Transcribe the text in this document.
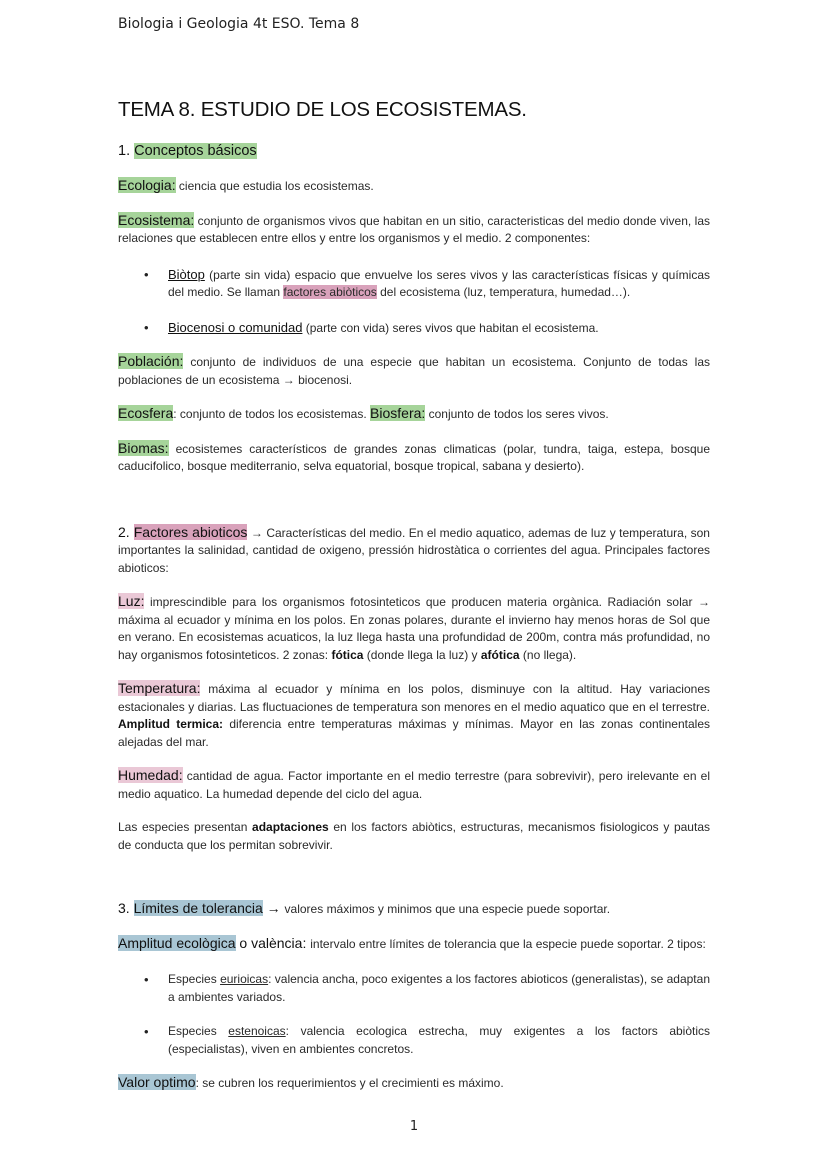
Biologia i Geologia 4t ESO. Tema 8
TEMA 8. ESTUDIO DE LOS ECOSISTEMAS.
1. Conceptos básicos

Ecologia: ciencia que estudia los ecosistemas.

Ecosistema: conjunto de organismos vivos que habitan en un sitio, caracteristicas del medio donde viven, las relaciones que establecen entre ellos y entre los organismos y el medio. 2 componentes:

• Biòtop (parte sin vida) espacio que envuelve los seres vivos y las características físicas y químicas del medio. Se llaman factores abiòticos del ecosistema (luz, temperatura, humedad…).
• Biocenosi o comunidad (parte con vida) seres vivos que habitan el ecosistema.

Población: conjunto de individuos de una especie que habitan un ecosistema. Conjunto de todas las poblaciones de un ecosistema → biocenosi.

Ecosfera: conjunto de todos los ecosistemas. Biosfera: conjunto de todos los seres vivos.

Biomas: ecosistemes característicos de grandes zonas climaticas (polar, tundra, taiga, estepa, bosque caducifolico, bosque mediterranio, selva equatorial, bosque tropical, sabana y desierto).

2. Factores abioticos → Características del medio. En el medio aquatico, ademas de luz y temperatura, son importantes la salinidad, cantidad de oxigeno, pressión hidrostàtica o corrientes del agua. Principales factores abioticos:

Luz: imprescindible para los organismos fotosinteticos que producen materia orgànica. Radiación solar → máxima al ecuador y mínima en los polos. En zonas polares, durante el invierno hay menos horas de Sol que en verano. En ecosistemas acuaticos, la luz llega hasta una profundidad de 200m, contra más profundidad, no hay organismos fotosinteticos. 2 zonas: fótica (donde llega la luz) y afótica (no llega).

Temperatura: máxima al ecuador y mínima en los polos, disminuye con la altitud. Hay variaciones estacionales y diarias. Las fluctuaciones de temperatura son menores en el medio aquatico que en el terrestre. Amplitud termica: diferencia entre temperaturas máximas y mínimas. Mayor en las zonas continentales alejadas del mar.

Humedad: cantidad de agua. Factor importante en el medio terrestre (para sobrevivir), pero irelevante en el medio aquatico. La humedad depende del ciclo del agua.

Las especies presentan adaptaciones en los factors abiòtics, estructuras, mecanismos fisiologicos y pautas de conducta que los permitan sobrevivir.

3. Límites de tolerancia → valores máximos y minimos que una especie puede soportar.

Amplitud ecològica o valència: intervalo entre límites de tolerancia que la especie puede soportar. 2 tipos:

• Especies eurioicas: valencia ancha, poco exigentes a los factores abioticos (generalistas), se adaptan a ambientes variados.
• Especies estenoicas: valencia ecologica estrecha, muy exigentes a los factors abiòtics (especialistas), viven en ambientes concretos.

Valor optimo: se cubren los requerimientos y el crecimienti es máximo.

1
